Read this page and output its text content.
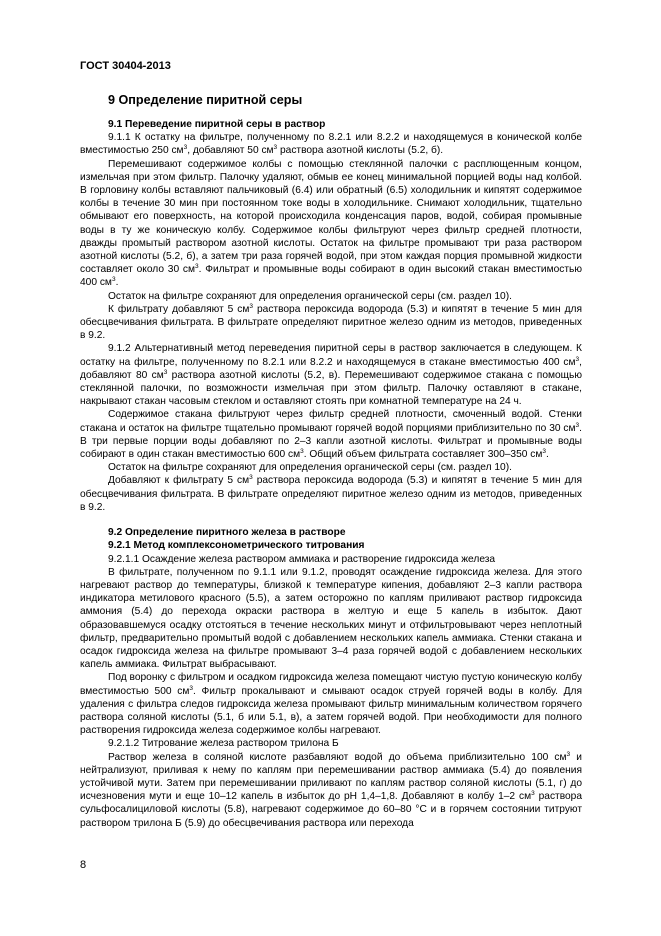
ГОСТ 30404-2013
9 Определение пиритной серы
9.1 Переведение пиритной серы в раствор

9.1.1 К остатку на фильтре, полученному по 8.2.1 или 8.2.2 и находящемуся в конической колбе вместимостью 250 $см^3$, добавляют 50 $см^3$ раствора азотной кислоты (5.2, б).

Перемешивают содержимое колбы с помощью стеклянной палочки с расплющенным концом, измельчая при этом фильтр. Палочку удаляют, обмыв ее конец минимальной порцией воды над колбой. В горловину колбы вставляют пальчиковый (6.4) или обратный (6.5) холодильник и кипятят содержимое колбы в течение 30 мин при постоянном токе воды в холодильнике. Снимают холодильник, тщательно обмывают его поверхность, на которой происходила конденсация паров, водой, собирая промывные воды в ту же коническую колбу. Содержимое колбы фильтруют через фильтр средней плотности, дважды промытый раствором азотной кислоты. Остаток на фильтре промывают три раза раствором азотной кислоты (5.2, б), а затем три раза горячей водой, при этом каждая порция промывной жидкости составляет около 30 $см^3$. Фильтрат и промывные воды собирают в один высокий стакан вместимостью 400 $см^3$.

Остаток на фильтре сохраняют для определения органической серы (см. раздел 10).

К фильтрату добавляют 5 $см^3$ раствора пероксида водорода (5.3) и кипятят в течение 5 мин для обесцвечивания фильтрата. В фильтрате определяют пиритное железо одним из методов, приведенных в 9.2.

9.1.2 Альтернативный метод переведения пиритной серы в раствор заключается в следующем. К остатку на фильтре, полученному по 8.2.1 или 8.2.2 и находящемуся в стакане вместимостью 400 $см^3$, добавляют 80 $см^3$ раствора азотной кислоты (5.2, в). Перемешивают содержимое стакана с помощью стеклянной палочки, по возможности измельчая при этом фильтр. Палочку оставляют в стакане, накрывают стакан часовым стеклом и оставляют стоять при комнатной температуре на 24 ч.

Содержимое стакана фильтруют через фильтр средней плотности, смоченный водой. Стенки стакана и остаток на фильтре тщательно промывают горячей водой порциями приблизительно по 30 $см^3$. В три первые порции воды добавляют по 2–3 капли азотной кислоты. Фильтрат и промывные воды собирают в один стакан вместимостью 600 $см^3$. Общий объем фильтрата составляет 300–350 $см^3$.

Остаток на фильтре сохраняют для определения органической серы (см. раздел 10).

Добавляют к фильтрату 5 $см^3$ раствора пероксида водорода (5.3) и кипятят в течение 5 мин для обесцвечивания фильтрата. В фильтрате определяют пиритное железо одним из методов, приведенных в 9.2.

9.2 Определение пиритного железа в растворе
9.2.1 Метод комплексонометрического титрования

9.2.1.1 Осаждение железа раствором аммиака и растворение гидроксида железа

В фильтрате, полученном по 9.1.1 или 9.1.2, проводят осаждение гидроксида железа. Для этого нагревают раствор до температуры, близкой к температуре кипения, добавляют 2–3 капли раствора индикатора метилового красного (5.5), а затем осторожно по каплям приливают раствор гидроксида аммония (5.4) до перехода окраски раствора в желтую и еще 5 капель в избыток. Дают образовавшемуся осадку отстояться в течение нескольких минут и отфильтровывают через неплотный фильтр, предварительно промытый водой с добавлением нескольких капель аммиака. Стенки стакана и осадок гидроксида железа на фильтре промывают 3–4 раза горячей водой с добавлением нескольких капель аммиака. Фильтрат выбрасывают.

Под воронку с фильтром и осадком гидроксида железа помещают чистую пустую коническую колбу вместимостью 500 $см^3$. Фильтр прокалывают и смывают осадок струей горячей воды в колбу. Для удаления с фильтра следов гидроксида железа промывают фильтр минимальным количеством горячего раствора соляной кислоты (5.1, б или 5.1, в), а затем горячей водой. При необходимости для полного растворения гидроксида железа содержимое колбы нагревают.

9.2.1.2 Титрование железа раствором трилона Б

Раствор железа в соляной кислоте разбавляют водой до объема приблизительно 100 $см^3$ и нейтрализуют, приливая к нему по каплям при перемешивании раствор аммиака (5.4) до появления устойчивой мути. Затем при перемешивании приливают по каплям раствор соляной кислоты (5.1, г) до исчезновения мути и еще 10–12 капель в избыток до рН 1,4–1,8. Добавляют в колбу 1–2 $см^3$ раствора сульфосалициловой кислоты (5.8), нагревают содержимое до 60–80 °С и в горячем состоянии титруют раствором трилона Б (5.9) до обесцвечивания раствора или перехода

8
